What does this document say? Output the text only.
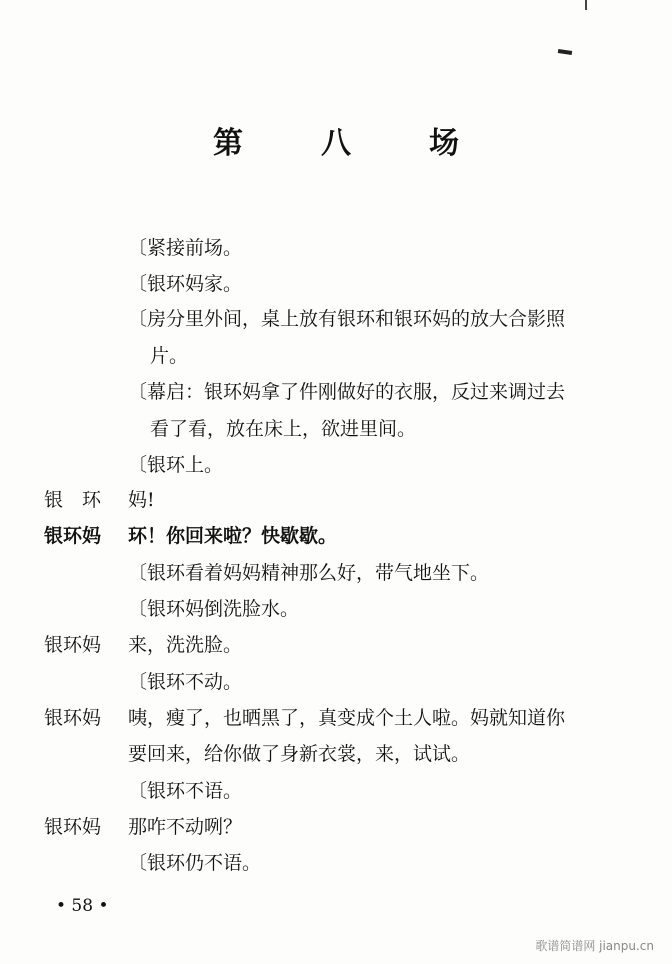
第　八　场
〔紧接前场。
〔银环妈家。
〔房分里外间，桌上放有银环和银环妈的放大合影照
片。
〔幕启：银环妈拿了件刚做好的衣服，反过来调过去
看了看，放在床上，欲进里间。
〔银环上。
银　环 妈!
银环妈 环！你回来啦？快歇歇。
〔银环看着妈妈精神那么好，带气地坐下。
〔银环妈倒洗脸水。
银环妈 来，洗洗脸。
〔银环不动。
银环妈 咦，瘦了，也晒黑了，真变成个土人啦。妈就知道你
要回来，给你做了身新衣裳，来，试试。
〔银环不语。
银环妈 那咋不动咧？
〔银环仍不语。
• 58 •
歌谱简谱网 jianpu.cn
